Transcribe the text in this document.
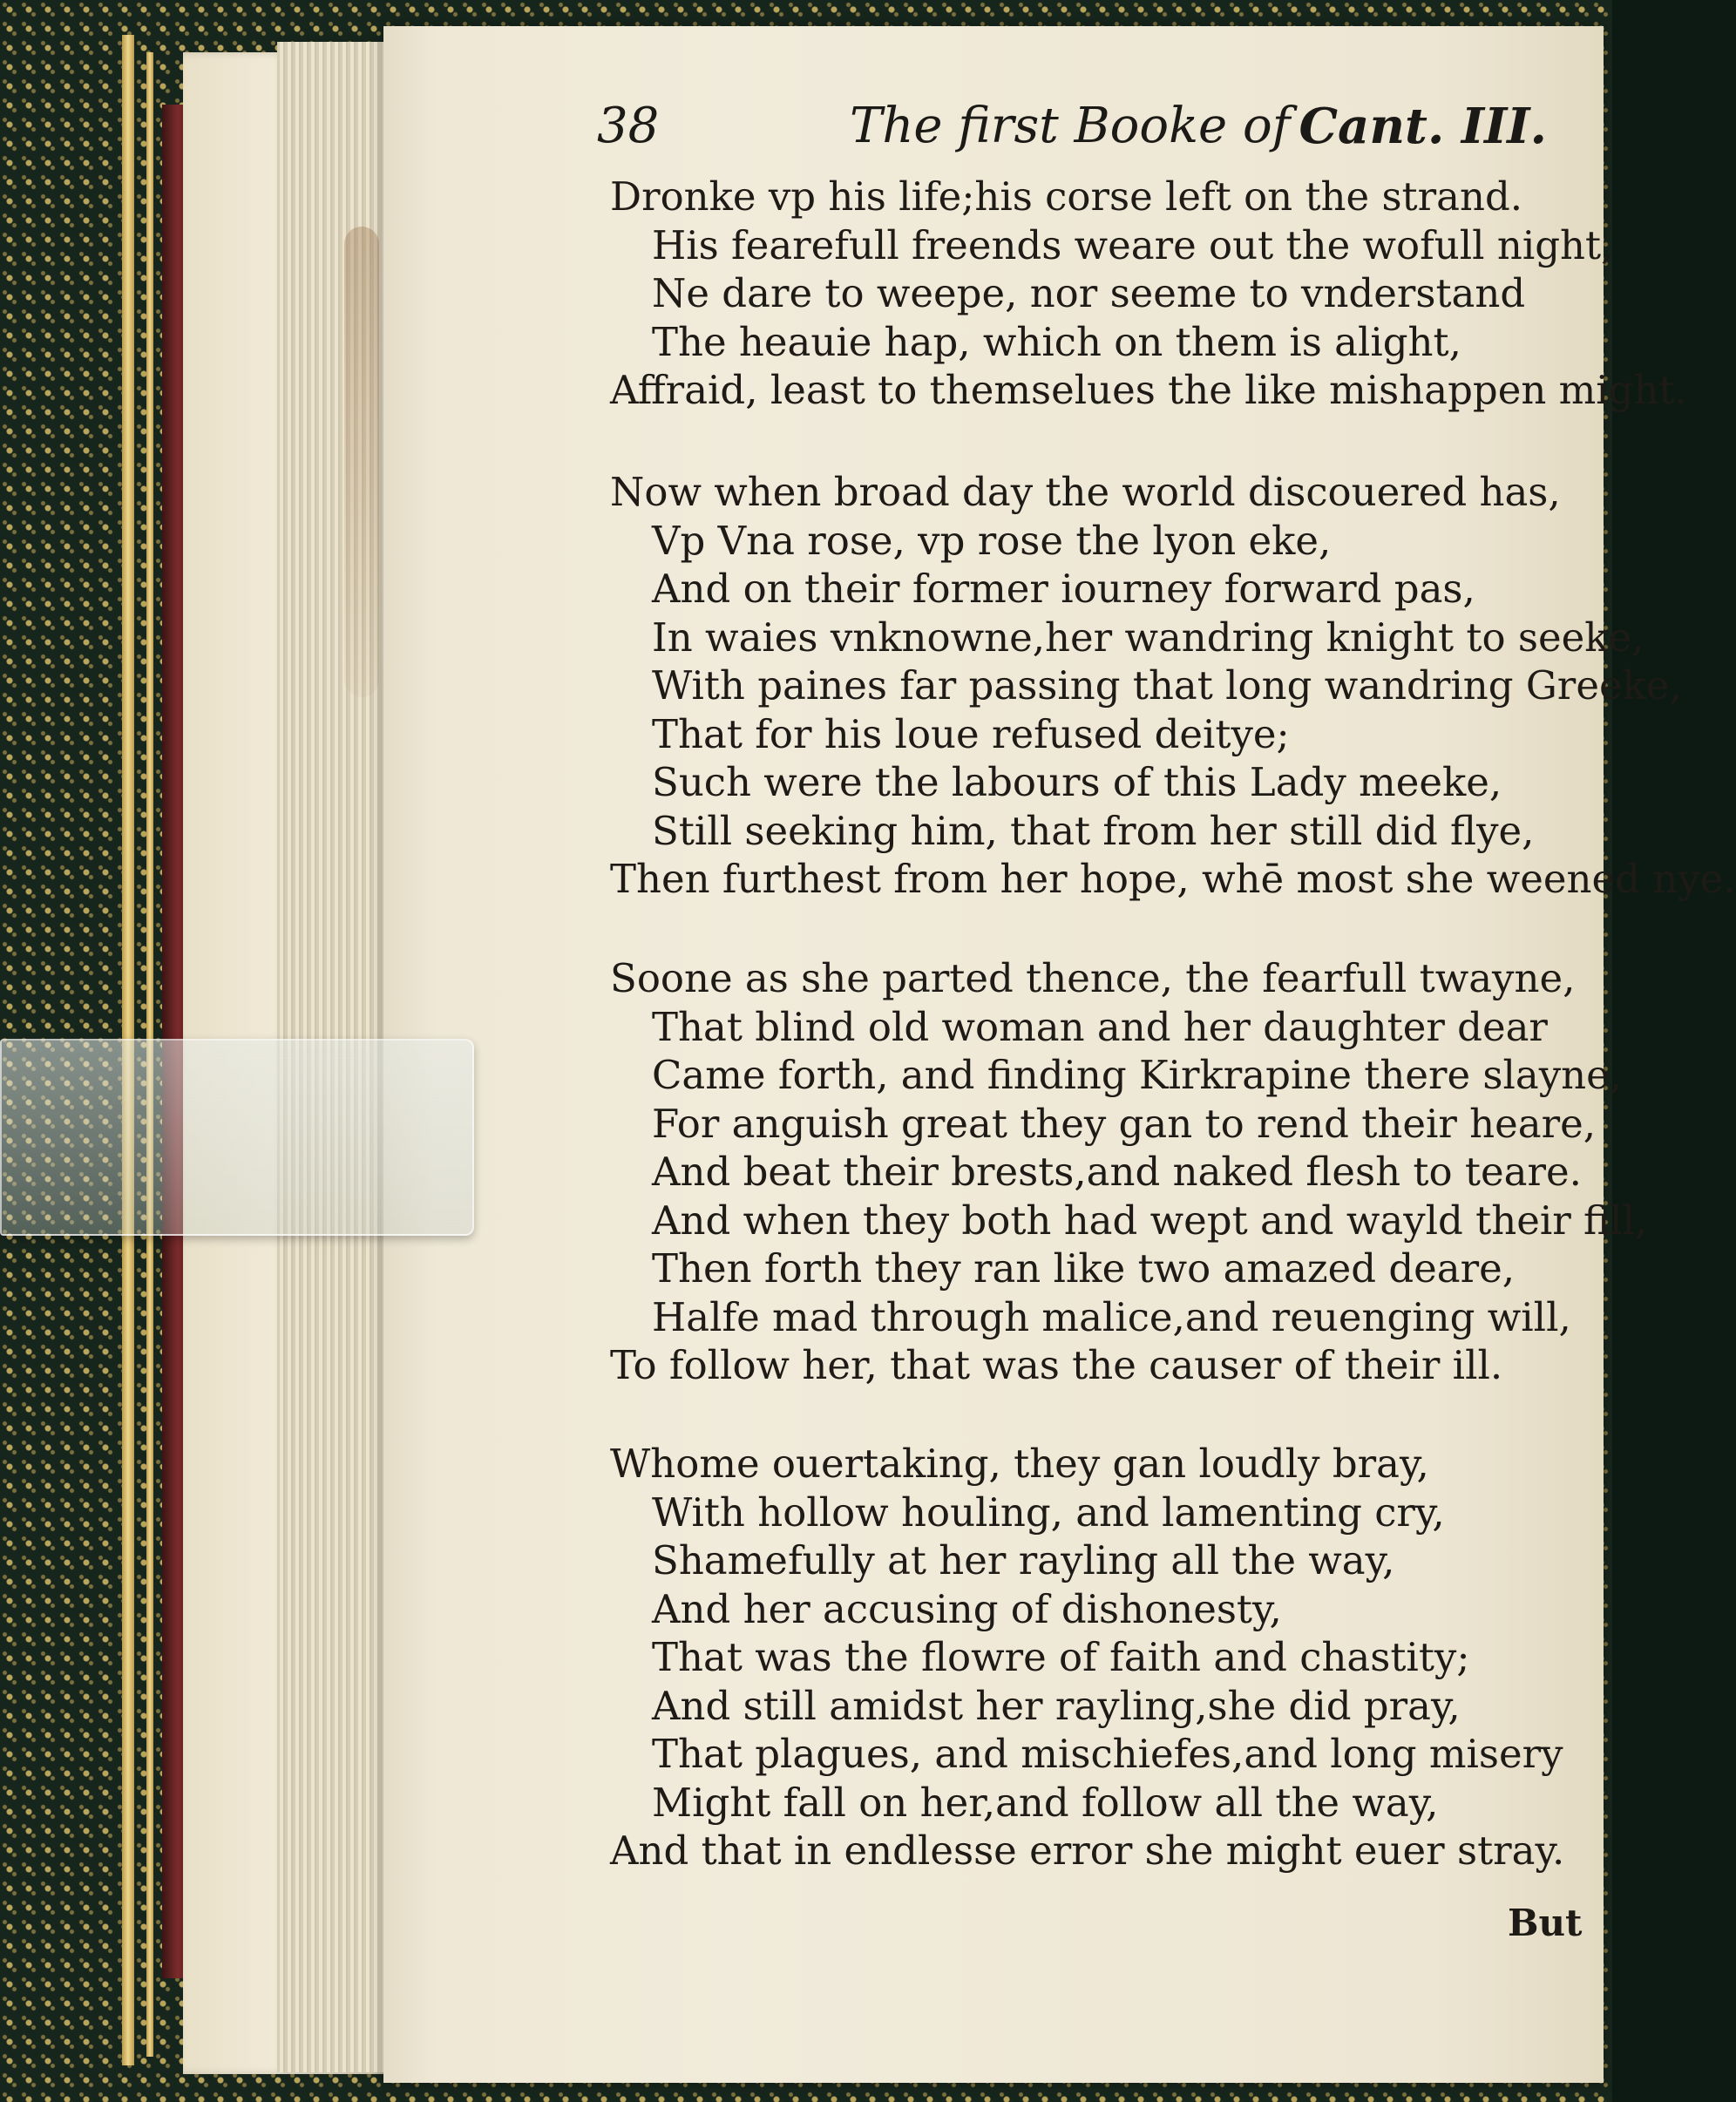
38	The first Booke of Cant. III.
Dronke vp his life;his corse left on the strand.
His fearefull freends weare out the wofull night,
Ne dare to weepe, nor seeme to vnderstand
The heauie hap, which on them is alight,
Affraid, least to themselues the like mishappen might.
Now when broad day the world discouered has,
Vp Vna rose, vp rose the lyon eke,
And on their former iourney forward pas,
In waies vnknowne,her wandring knight to seeke,
With paines far passing that long wandring Greeke,
That for his loue refused deitye;
Such were the labours of this Lady meeke,
Still seeking him, that from her still did flye,
Then furthest from her hope, whē most she weened nye.
Soone as she parted thence, the fearfull twayne,
That blind old woman and her daughter dear
Came forth, and finding Kirkrapine there slayne,
For anguish great they gan to rend their heare,
And beat their brests,and naked flesh to teare.
And when they both had wept and wayld their fill,
Then forth they ran like two amazed deare,
Halfe mad through malice,and reuenging will,
To follow her, that was the causer of their ill.
Whome ouertaking, they gan loudly bray,
With hollow houling, and lamenting cry,
Shamefully at her rayling all the way,
And her accusing of dishonesty,
That was the flowre of faith and chastity;
And still amidst her rayling,she did pray,
That plagues, and mischiefes,and long misery
Might fall on her,and follow all the way,
And that in endlesse error she might euer stray.
But
